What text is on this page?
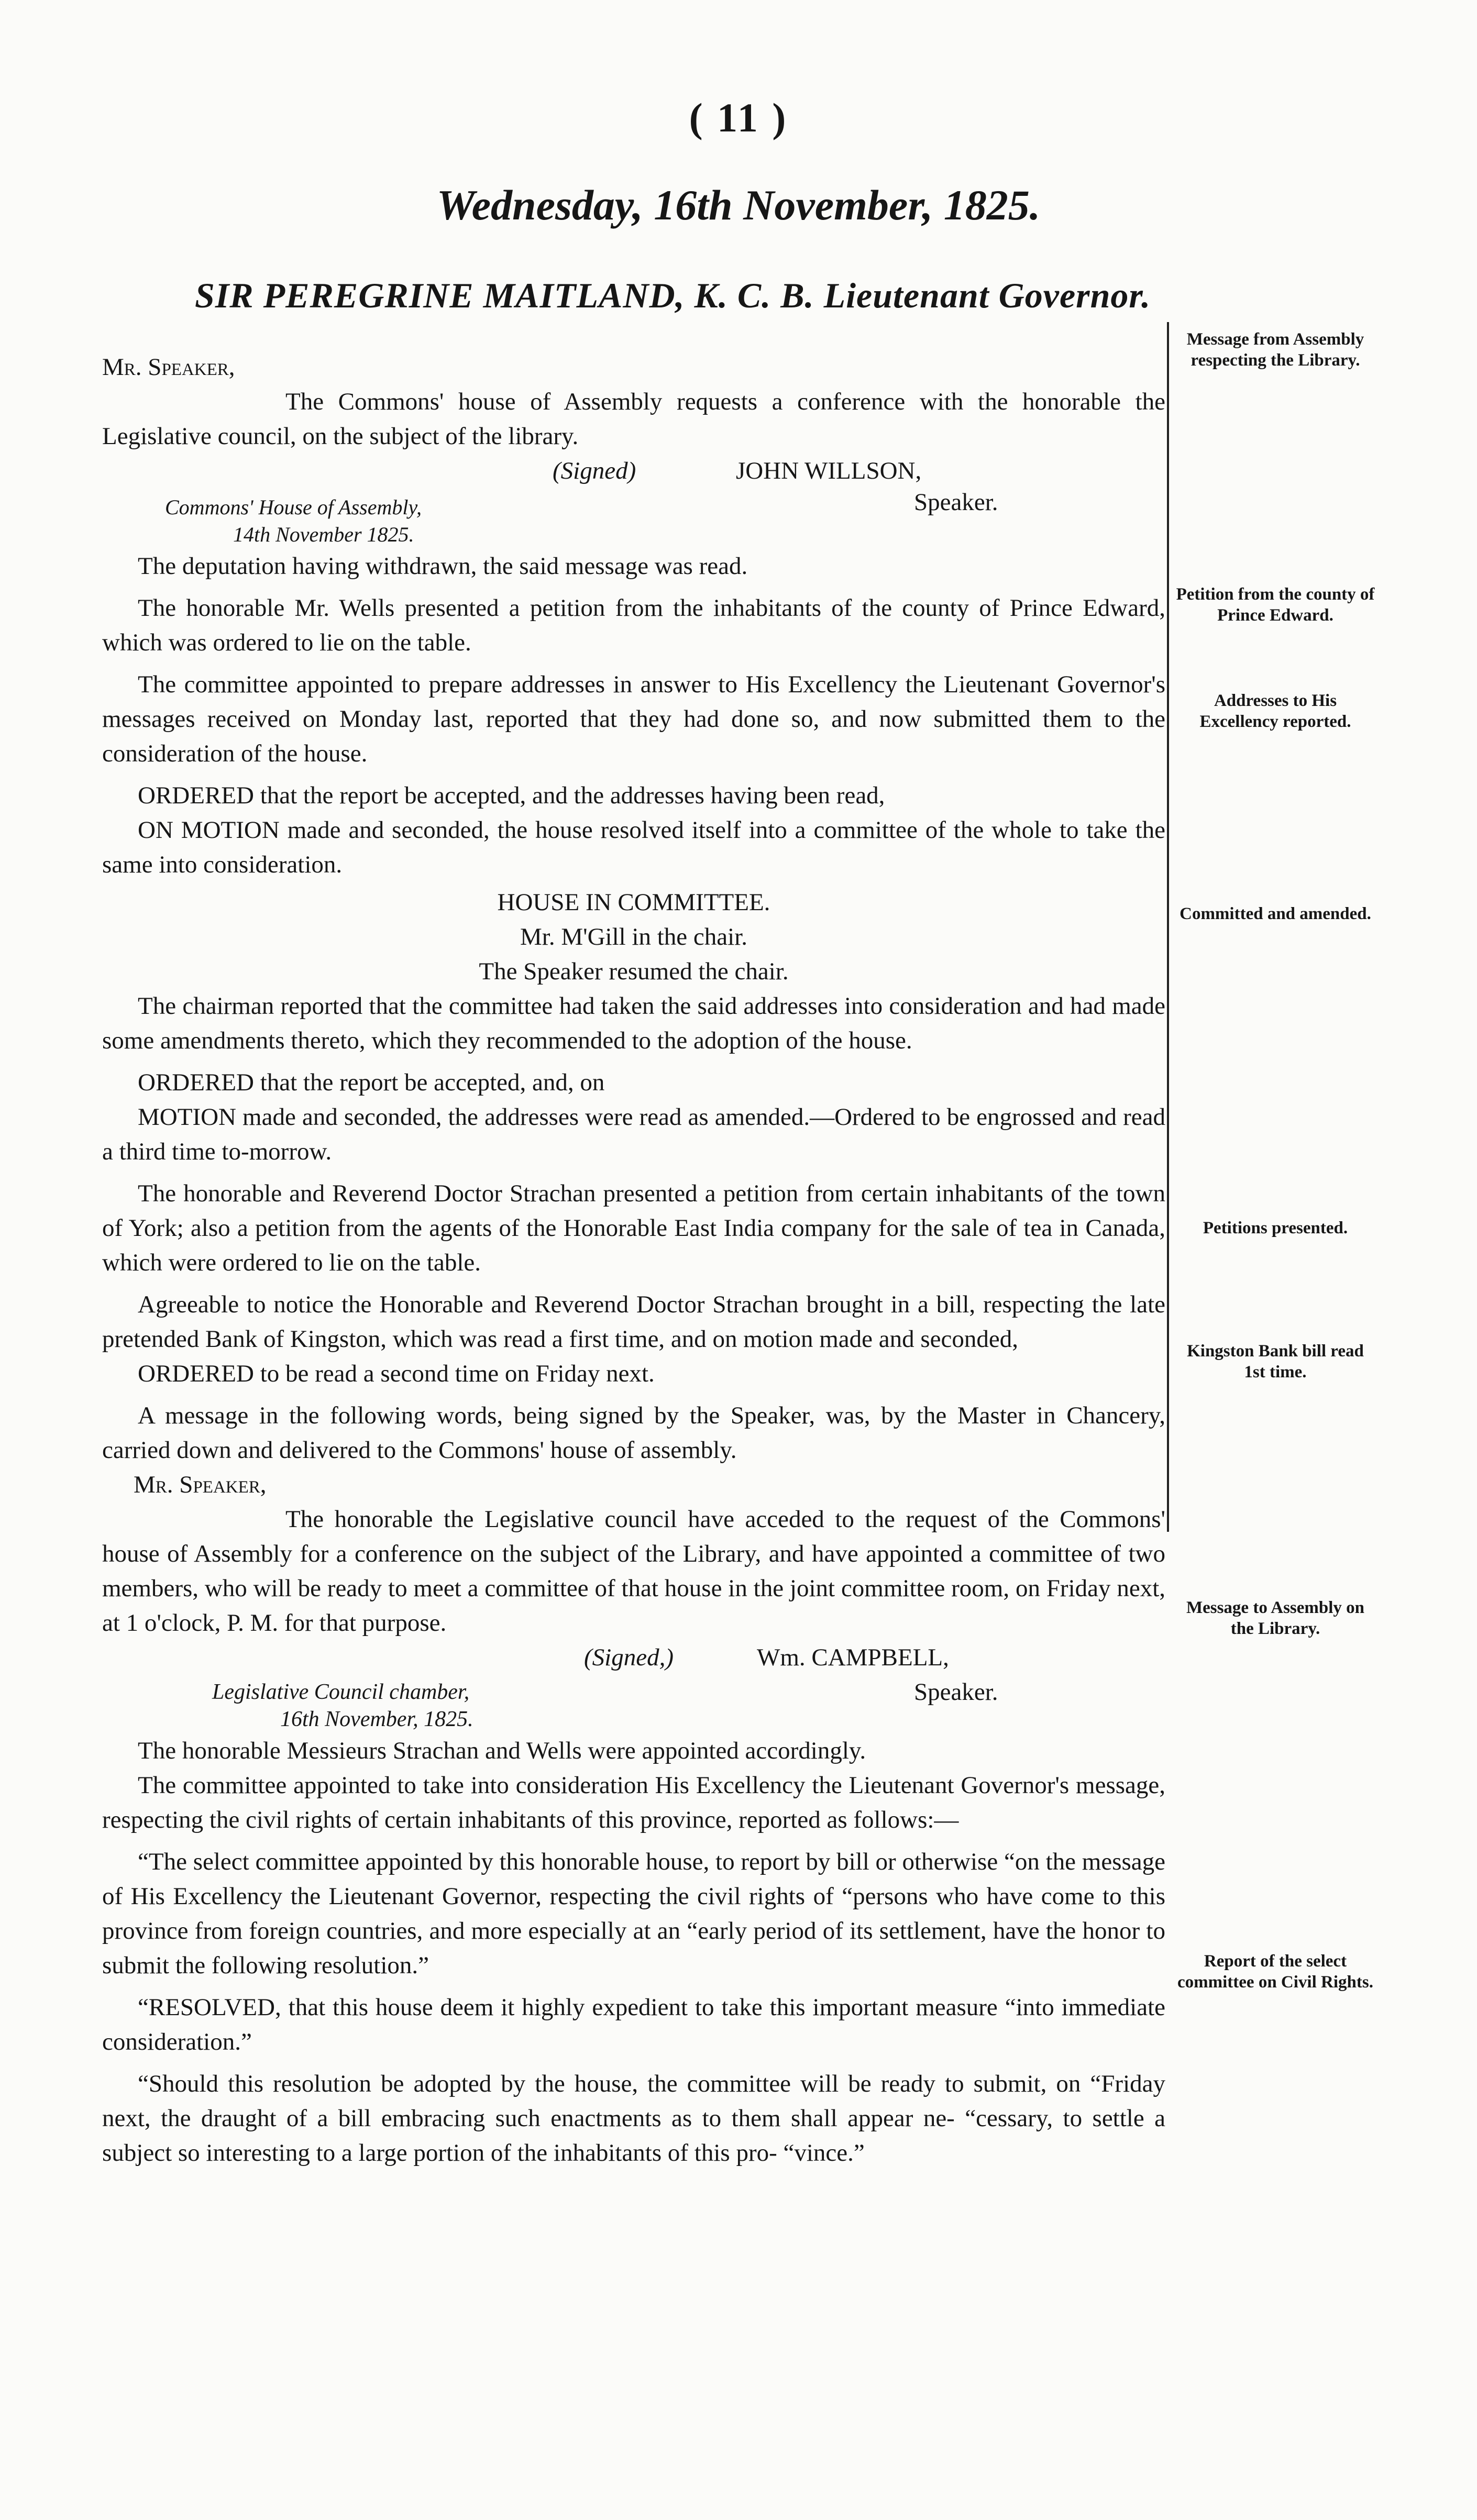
( 11 )
Wednesday, 16th November, 1825.
SIR PEREGRINE MAITLAND, K. C. B. Lieutenant Governor.
Message from Assembly respecting the Library.
Petition from the county of Prince Edward.
Addresses to His Excellency reported.
Committed and amended.
Petitions presented.
Kingston Bank bill read 1st time.
Message to Assembly on the Library.
Report of the select committee on Civil Rights.
Mr. Speaker,

The Commons' house of Assembly requests a conference with the honorable the Legislative council, on the subject of the library.

(Signed)	JOHN WILLSON,
Commons' House of Assembly,
14th November 1825.
Speaker.

The deputation having withdrawn, the said message was read.

The honorable Mr. Wells presented a petition from the inhabitants of the county of Prince Edward, which was ordered to lie on the table.

The committee appointed to prepare addresses in answer to His Excellency the Lieutenant Governor's messages received on Monday last, reported that they had done so, and now submitted them to the consideration of the house.

ORDERED that the report be accepted, and the addresses having been read,

ON MOTION made and seconded, the house resolved itself into a committee of the whole to take the same into consideration.

HOUSE IN COMMITTEE.
Mr. M'Gill in the chair.
The Speaker resumed the chair.

The chairman reported that the committee had taken the said addresses into consideration and had made some amendments thereto, which they recommended to the adoption of the house.

ORDERED that the report be accepted, and, on

MOTION made and seconded, the addresses were read as amended.—Ordered to be engrossed and read a third time to-morrow.

The honorable and Reverend Doctor Strachan presented a petition from certain inhabitants of the town of York; also a petition from the agents of the Honorable East India company for the sale of tea in Canada, which were ordered to lie on the table.

Agreeable to notice the Honorable and Reverend Doctor Strachan brought in a bill, respecting the late pretended Bank of Kingston, which was read a first time, and on motion made and seconded,

ORDERED to be read a second time on Friday next.

A message in the following words, being signed by the Speaker, was, by the Master in Chancery, carried down and delivered to the Commons' house of assembly.

Mr. Speaker,

The honorable the Legislative council have acceded to the request of the Commons' house of Assembly for a conference on the subject of the Library, and have appointed a committee of two members, who will be ready to meet a committee of that house in the joint committee room, on Friday next, at 1 o'clock, P. M. for that purpose.

(Signed,)	Wm. CAMPBELL,
Legislative Council chamber,
16th November, 1825.
Speaker.

The honorable Messieurs Strachan and Wells were appointed accordingly.

The committee appointed to take into consideration His Excellency the Lieutenant Governor's message, respecting the civil rights of certain inhabitants of this province, reported as follows:—

“The select committee appointed by this honorable house, to report by bill or otherwise “on the message of His Excellency the Lieutenant Governor, respecting the civil rights of “persons who have come to this province from foreign countries, and more especially at an “early period of its settlement, have the honor to submit the following resolution.”

“RESOLVED, that this house deem it highly expedient to take this important measure “into immediate consideration.”

“Should this resolution be adopted by the house, the committee will be ready to submit, on “Friday next, the draught of a bill embracing such enactments as to them shall appear ne- “cessary, to settle a subject so interesting to a large portion of the inhabitants of this pro- “vince.”
